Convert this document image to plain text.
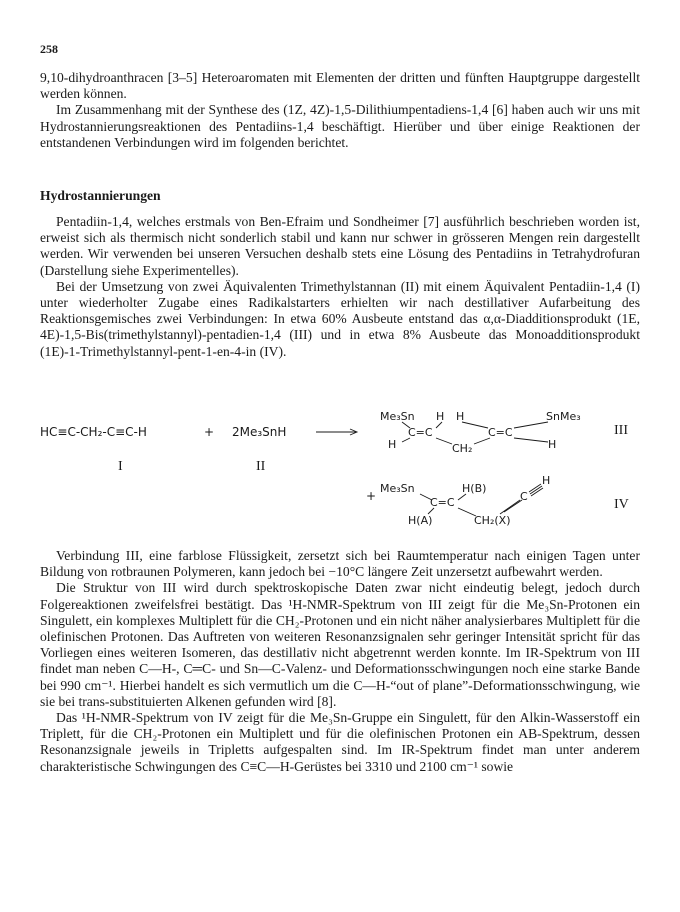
258

9,10-dihydroanthracen [3–5] Heteroaromaten mit Elementen der dritten und fünften Hauptgruppe dargestellt werden können.

Im Zusammenhang mit der Synthese des (1Z, 4Z)-1,5-Dilithiumpentadiens-1,4 [6] haben auch wir uns mit Hydrostannierungsreaktionen des Pentadiins-1,4 beschäftigt. Hierüber und über einige Reaktionen der entstandenen Verbindungen wird im folgenden berichtet.

Hydrostannierungen

Pentadiin-1,4, welches erstmals von Ben-Efraim und Sondheimer [7] ausführlich beschrieben worden ist, erweist sich als thermisch nicht sonderlich stabil und kann nur schwer in grösseren Mengen rein dargestellt werden. Wir verwenden bei unseren Versuchen deshalb stets eine Lösung des Pentadiins in Tetrahydrofuran (Darstellung siehe Experimentelles).

Bei der Umsetzung von zwei Äquivalenten Trimethylstannan (II) mit einem Äquivalent Pentadiin-1,4 (I) unter wiederholter Zugabe eines Radikalstarters erhielten wir nach destillativer Aufarbeitung des Reaktionsgemisches zwei Verbindungen: In etwa 60% Ausbeute entstand das α,α-Diadditionsprodukt (1E, 4E)-1,5-Bis(trimethylstannyl)-pentadien-1,4 (III) und in etwa 8% Ausbeute das Monoadditionsprodukt (1E)-1-Trimethylstannyl-pent-1-en-4-in (IV).

HC≡C-CH₂-C≡C-H	+ 2Me₃SnH
I	II
Me₃Sn	SnMe₃
H H
C=C	C=C
H	H
CH₂
III
+
Me₃Sn
C=C
H(B)
H(A)	CH₂(X)
C
H
IV

Verbindung III, eine farblose Flüssigkeit, zersetzt sich bei Raumtemperatur nach einigen Tagen unter Bildung von rotbraunen Polymeren, kann jedoch bei −10°C längere Zeit unzersetzt aufbewahrt werden.

Die Struktur von III wird durch spektroskopische Daten zwar nicht eindeutig belegt, jedoch durch Folgereaktionen zweifelsfrei bestätigt. Das ¹H-NMR-Spektrum von III zeigt für die Me₃Sn-Protonen ein Singulett, ein komplexes Multiplett für die CH₂-Protonen und ein nicht näher analysierbares Multiplett für die olefinischen Protonen. Das Auftreten von weiteren Resonanzsignalen sehr geringer Intensität spricht für das Vorliegen eines weiteren Isomeren, das destillativ nicht abgetrennt werden konnte. Im IR-Spektrum von III findet man neben C—H-, C═C- und Sn—C-Valenz- und Deformationsschwingungen noch eine starke Bande bei 990 cm⁻¹. Hierbei handelt es sich vermutlich um die C—H-“out of plane”-Deformationsschwingung, wie sie bei trans-substituierten Alkenen gefunden wird [8].

Das ¹H-NMR-Spektrum von IV zeigt für die Me₃Sn-Gruppe ein Singulett, für den Alkin-Wasserstoff ein Triplett, für die CH₂-Protonen ein Multiplett und für die olefinischen Protonen ein AB-Spektrum, dessen Resonanzsignale jeweils in Tripletts aufgespalten sind. Im IR-Spektrum findet man unter anderem charakteristische Schwingungen des C≡C—H-Gerüstes bei 3310 und 2100 cm⁻¹ sowie
